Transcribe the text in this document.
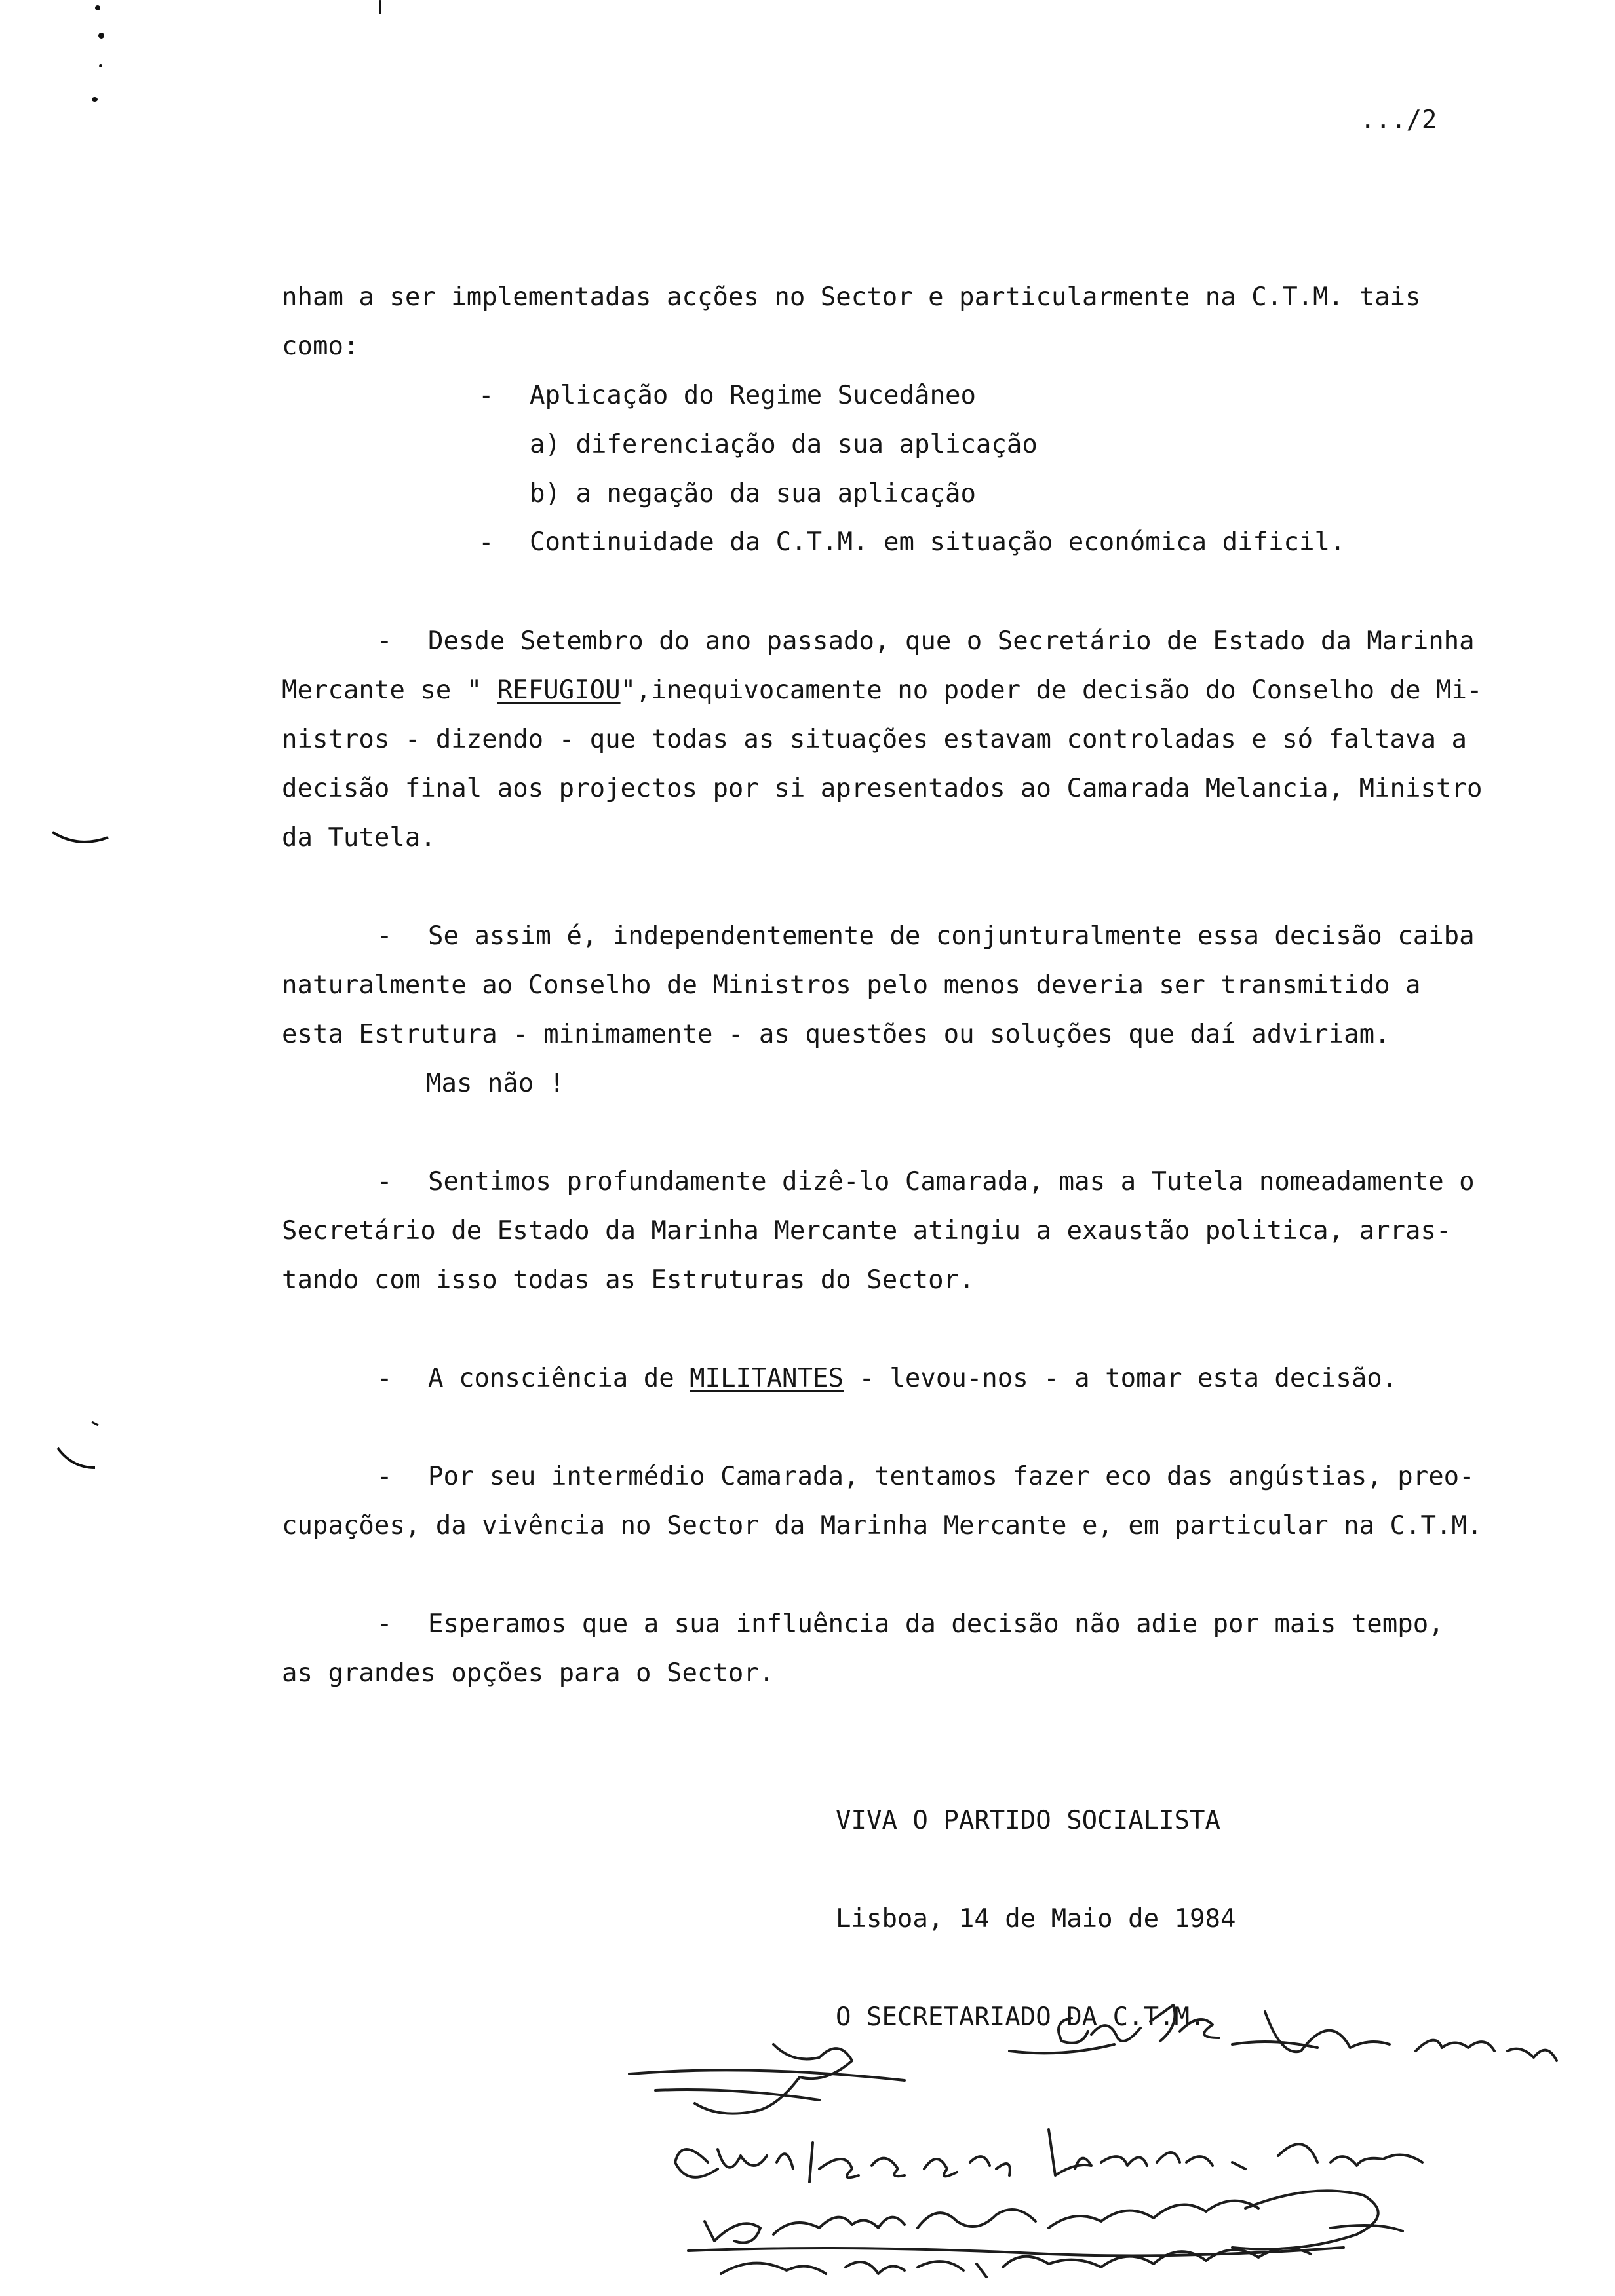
.../2
nham a ser implementadas acções no Sector e particularmente na C.T.M. tais
como:
- Aplicação do Regime Sucedâneo
a) diferenciação da sua aplicação
b) a negação da sua aplicação
- Continuidade da C.T.M. em situação económica dificil.
- Desde Setembro do ano passado, que o Secretário de Estado da Marinha
Mercante se " REFUGIOU",inequivocamente no poder de decisão do Conselho de Mi-
nistros - dizendo - que todas as situações estavam controladas e só faltava a
decisão final aos projectos por si apresentados ao Camarada Melancia, Ministro
da Tutela.
- Se assim é, independentemente de conjunturalmente essa decisão caiba
naturalmente ao Conselho de Ministros pelo menos deveria ser transmitido a
esta Estrutura - minimamente - as questões ou soluções que daí adviriam.
Mas não !
- Sentimos profundamente dizê-lo Camarada, mas a Tutela nomeadamente o
Secretário de Estado da Marinha Mercante atingiu a exaustão politica, arras-
tando com isso todas as Estruturas do Sector.
- A consciência de MILITANTES - levou-nos - a tomar esta decisão.
- Por seu intermédio Camarada, tentamos fazer eco das angústias, preo-
cupações, da vivência no Sector da Marinha Mercante e, em particular na C.T.M.
- Esperamos que a sua influência da decisão não adie por mais tempo,
as grandes opções para o Sector.
VIVA O PARTIDO SOCIALISTA
Lisboa, 14 de Maio de 1984
O SECRETARIADO DA C.T.M.
